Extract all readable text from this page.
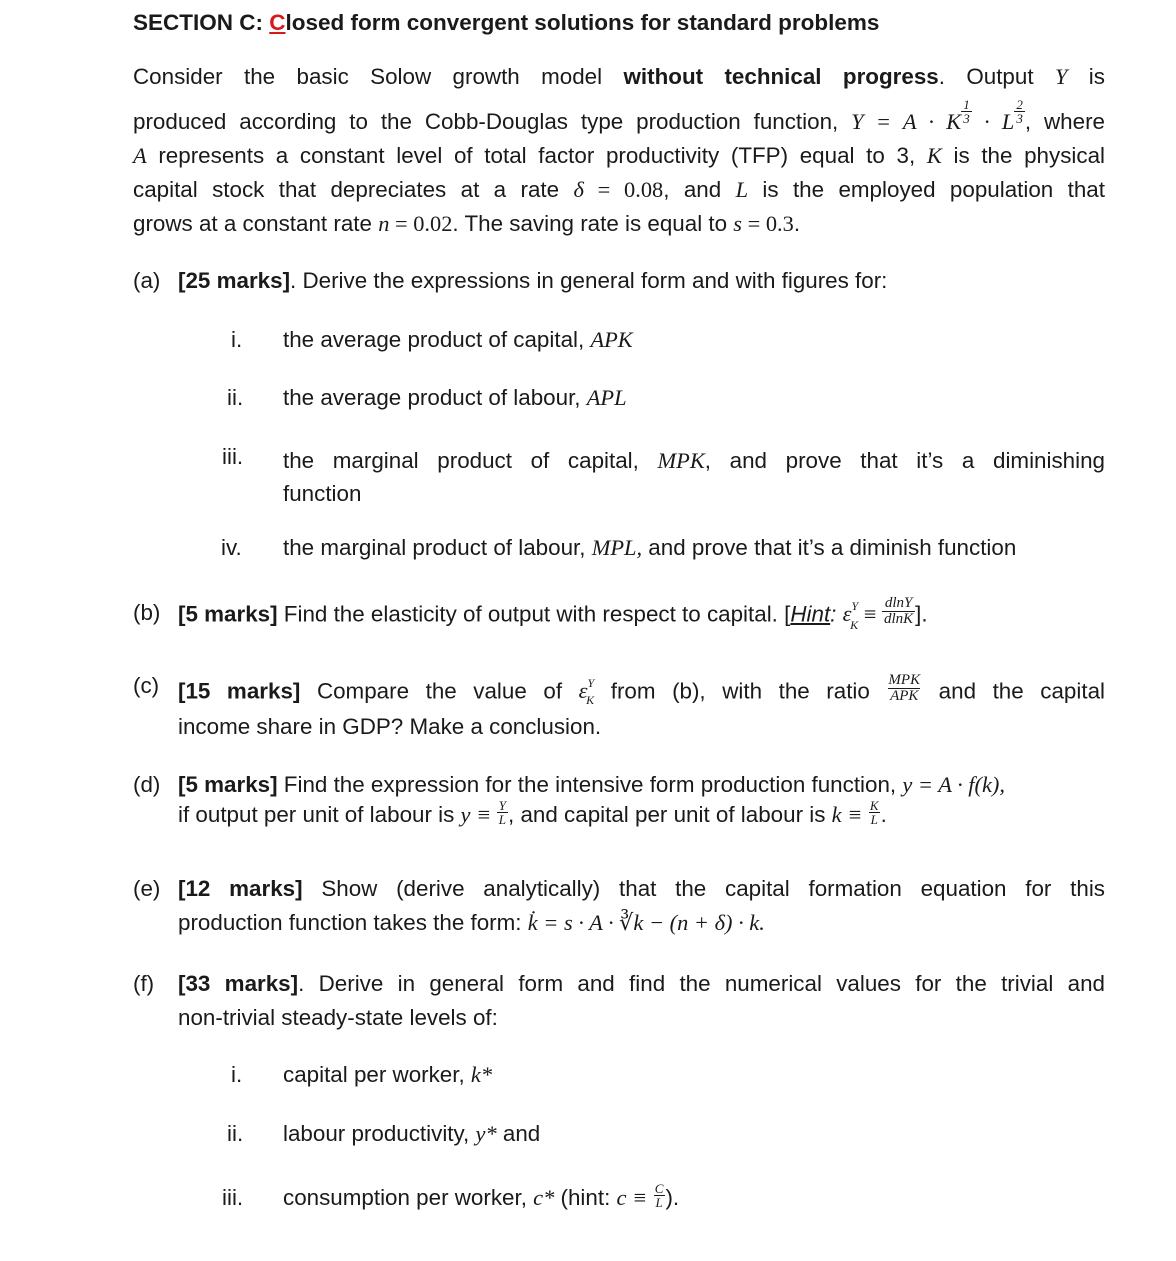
SECTION C: Closed form convergent solutions for standard problems
Consider the basic Solow growth model without technical progress. Output Y is
produced according to the Cobb-Douglas type production function, Y = A · K $\frac{1}{3} \cdot L \frac{2}{3}$ , where
A represents a constant level of total factor productivity (TFP) equal to 3, K is the physical
capital stock that depreciates at a rate δ = 0.08, and L is the employed population that
grows at a constant rate n = 0.02. The saving rate is equal to s = 0.3.
(a) [25 marks]. Derive the expressions in general form and with figures for:
i. the average product of capital, APK
ii. the average product of labour, APL
iii. the marginal product of capital, MPK, and prove that it’s a diminishing
function
iv. the marginal product of labour, MPL, and prove that it’s a diminish function
(b) [5 marks] Find the elasticity of output with respect to capital. [Hint: $\varepsilon^Y_K \equiv \frac{dlnY}{dlnK}$ ].
(c) [15 marks] Compare the value of $\varepsilon^Y_K$ from (b), with the ratio $\frac{\text{MPK}}{\text{APK}}$ and the capital
income share in GDP? Make a conclusion.
(d) [5 marks] Find the expression for the intensive form production function, y = A · f(k),
if output per unit of labour is $y \equiv \frac{Y}{L}$ , and capital per unit of labour is $k \equiv \frac{K}{L}$ .
(e) [12 marks] Show (derive analytically) that the capital formation equation for this
production function takes the form: k̇ = s · A · ∛k − (n + δ) · k.
(f) [33 marks]. Derive in general form and find the numerical values for the trivial and
non-trivial steady-state levels of:
i. capital per worker, k*
ii. labour productivity, y* and
iii. consumption per worker, c* (hint: $c \equiv \frac{C}{L}$ ).
